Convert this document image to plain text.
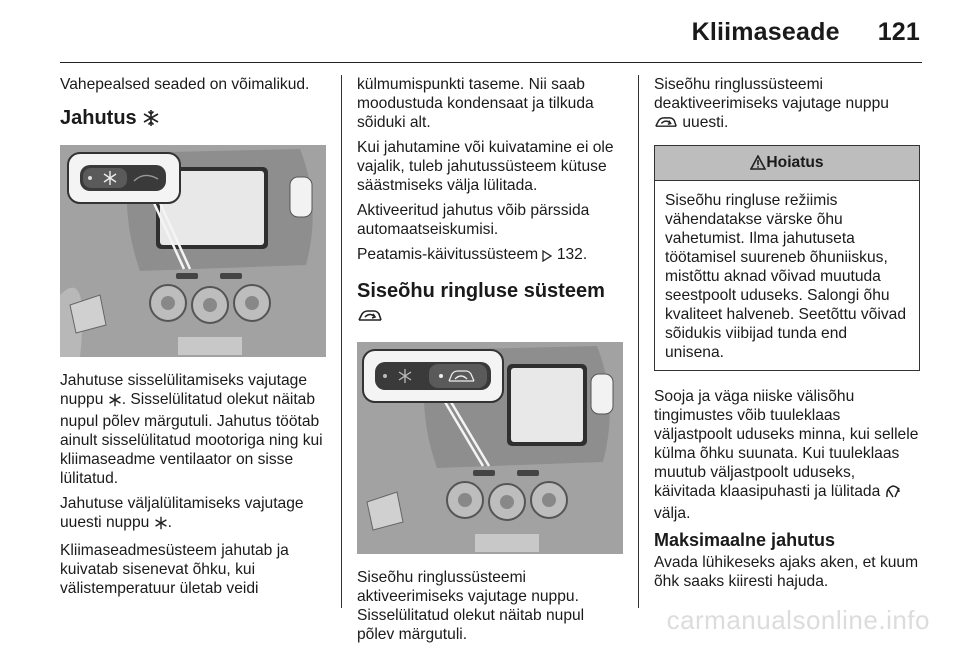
Kliimaseade 121

Vahepealsed seaded on võimalikud.

Jahutus

Jahutuse sisselülitamiseks vajutage nuppu . Sisselülitatud olekut näitab nupul põlev märgutuli. Jahutus töötab ainult sisselülitatud mootoriga ning kui kliimaseadme ventilaator on sisse lülitatud.

Jahutuse väljalülitamiseks vajutage uuesti nuppu .

Kliimaseadmesüsteem jahutab ja kuivatab sisenevat õhku, kui välistemperatuur ületab veidi

külmumispunkti taseme. Nii saab moodustuda kondensaat ja tilkuda sõiduki alt.

Kui jahutamine või kuivatamine ei ole vajalik, tuleb jahutussüsteem kütuse säästmiseks välja lülitada.

Aktiveeritud jahutus võib pärssida automaatseiskumisi.

Peatamis-käivitussüsteem 132.

Siseõhu ringluse süsteem

Siseõhu ringlussüsteemi aktiveerimiseks vajutage nuppu. Sisselülitatud olekut näitab nupul põlev märgutuli.

Siseõhu ringlussüsteemi deaktiveerimiseks vajutage nuppu
uuesti.

Hoiatus
Siseõhu ringluse režiimis vähendatakse värske õhu vahetumist. Ilma jahutuseta töötamisel suureneb õhuniiskus, mistõttu aknad võivad muutuda seestpoolt uduseks. Salongi õhu kvaliteet halveneb. Seetõttu võivad sõidukis viibijad tunda end unisena.

Sooja ja väga niiske välisõhu tingimustes võib tuuleklaas väljastpoolt uduseks minna, kui sellele külma õhku suunata. Kui tuuleklaas muutub väljastpoolt uduseks, käivitada klaasipuhasti ja lülitada  välja.

Maksimaalne jahutus

Avada lühikeseks ajaks aken, et kuum õhk saaks kiiresti hajuda.

carmanualsonline.info
